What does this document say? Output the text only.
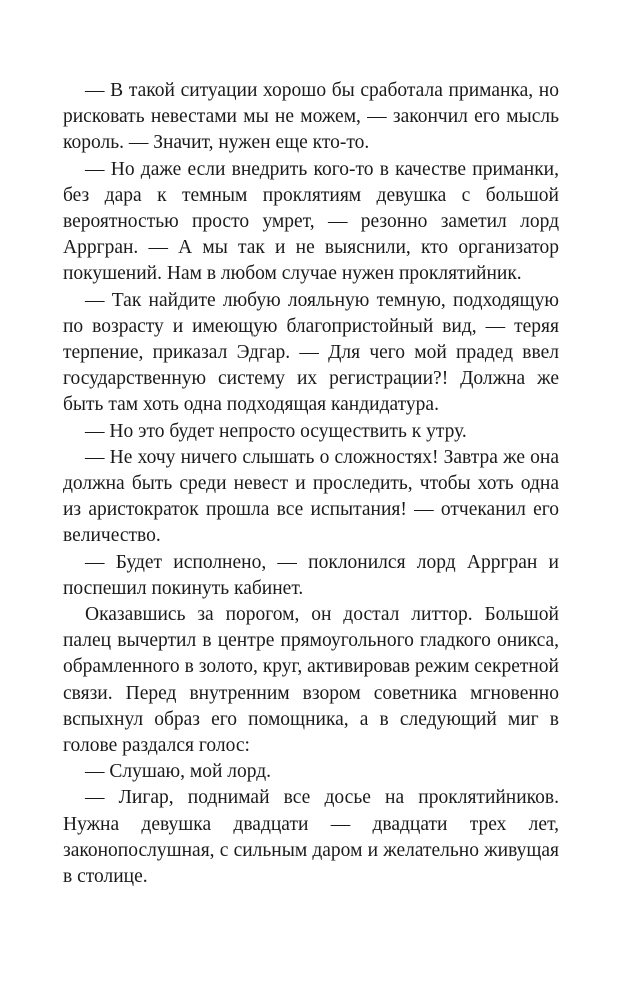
— В такой ситуации хорошо бы сработала приманка, но рисковать невестами мы не можем, — закончил его мысль король. — Значит, нужен еще кто-то.

— Но даже если внедрить кого-то в качестве приманки, без дара к темным проклятиям девушка с большой вероятностью просто умрет, — резонно заметил лорд Арргран. — А мы так и не выяснили, кто организатор покушений. Нам в любом случае нужен проклятийник.

— Так найдите любую лояльную темную, подходящую по возрасту и имеющую благопристойный вид, — теряя терпение, приказал Эдгар. — Для чего мой прадед ввел государственную систему их регистрации?! Должна же быть там хоть одна подходящая кандидатура.

— Но это будет непросто осуществить к утру.

— Не хочу ничего слышать о сложностях! Завтра же она должна быть среди невест и проследить, чтобы хоть одна из аристократок прошла все испытания! — отчеканил его величество.

— Будет исполнено, — поклонился лорд Арргран и поспешил покинуть кабинет.

Оказавшись за порогом, он достал литтор. Большой палец вычертил в центре прямоугольного гладкого оникса, обрамленного в золото, круг, активировав режим секретной связи. Перед внутренним взором советника мгновенно вспыхнул образ его помощника, а в следующий миг в голове раздался голос:

— Слушаю, мой лорд.

— Лигар, поднимай все досье на проклятийников. Нужна девушка двадцати — двадцати трех лет, законопослушная, с сильным даром и желательно живущая в столице.
